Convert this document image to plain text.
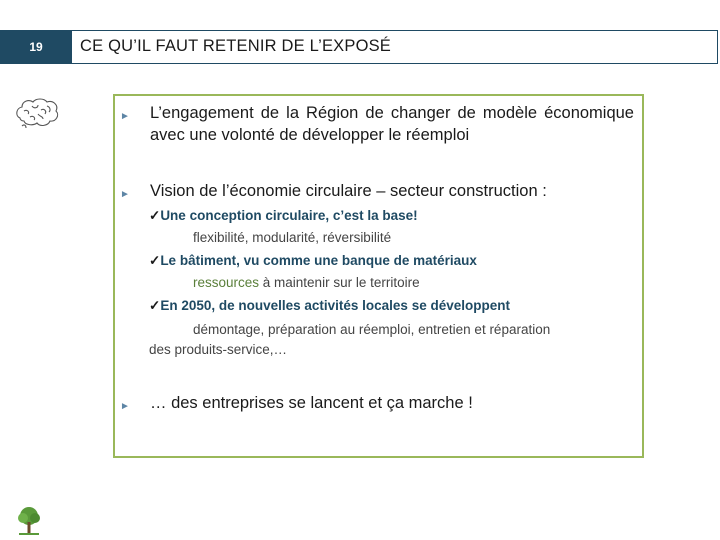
19	CE QU’IL FAUT RETENIR DE L’EXPOSÉ
► L’engagement de la Région de changer de modèle économique avec une volonté de développer le réemploi
► Vision de l’économie circulaire – secteur construction :
✓Une conception circulaire, c’est la base!
flexibilité, modularité, réversibilité
✓Le bâtiment, vu comme une banque de matériaux
ressources à maintenir sur le territoire
✓En 2050, de nouvelles activités locales se développent
démontage, préparation au réemploi, entretien et réparation
des produits-service,…
► … des entreprises se lancent et ça marche !
